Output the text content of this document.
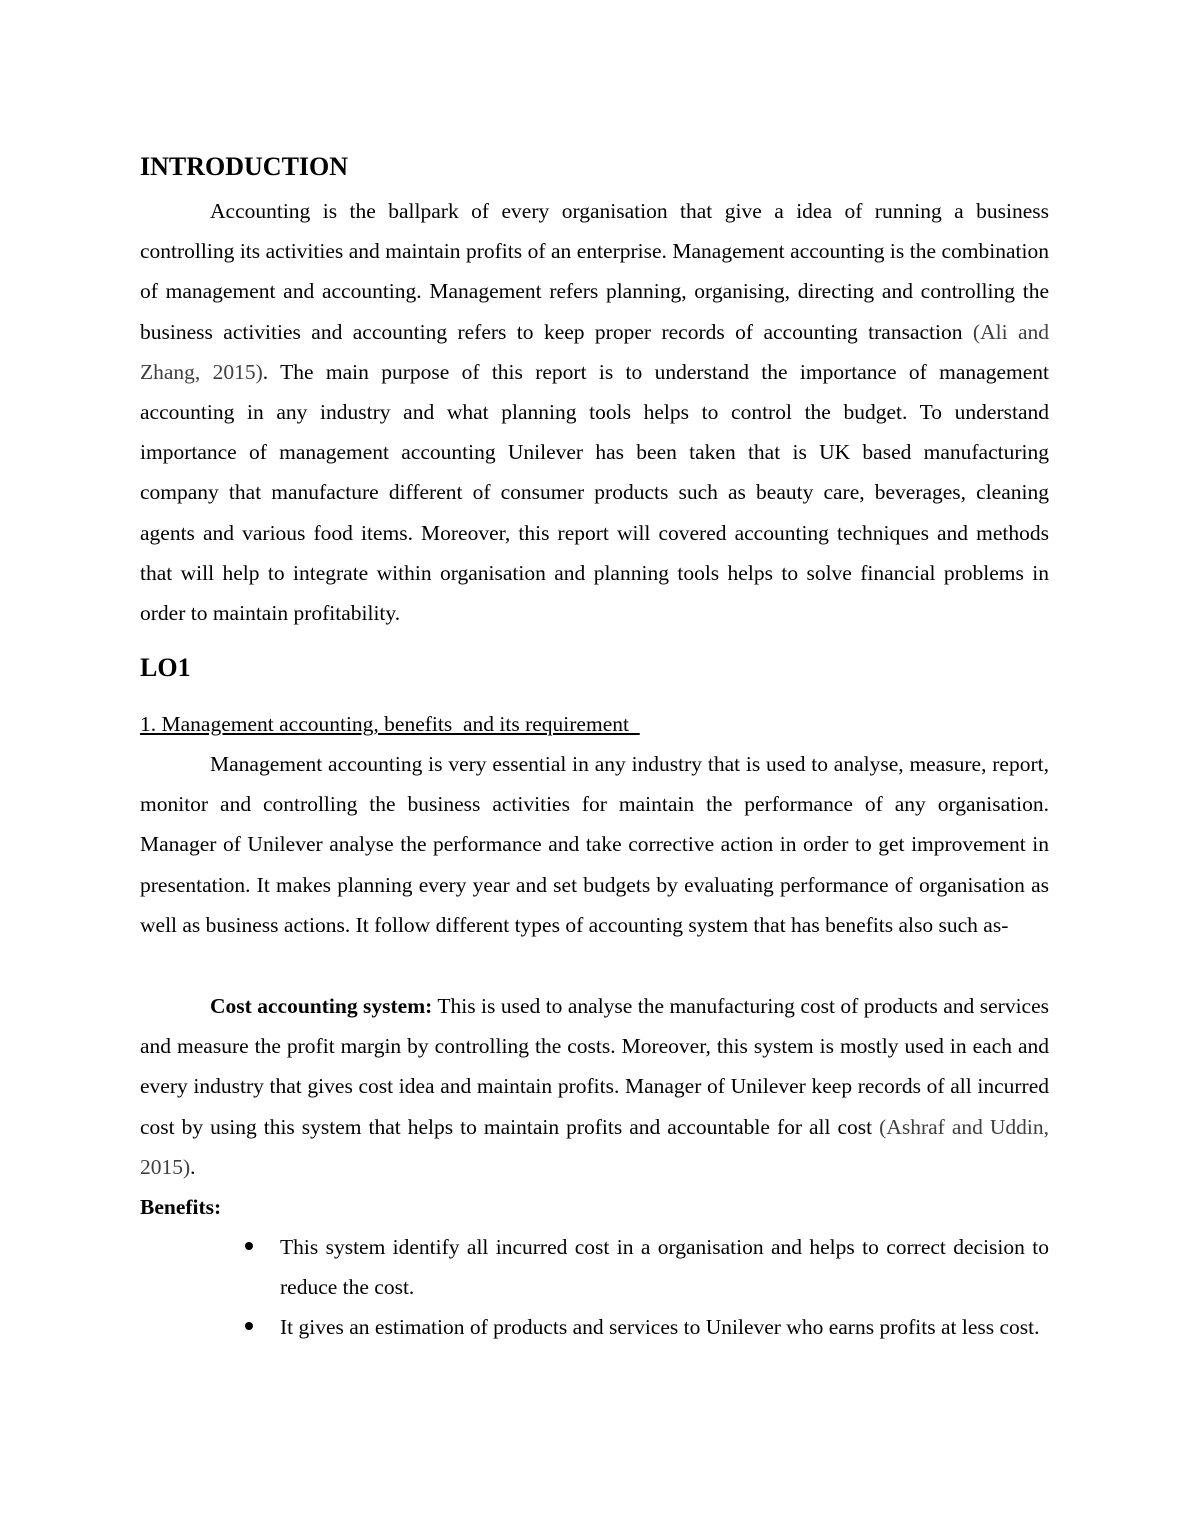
INTRODUCTION

Accounting is the ballpark of every organisation that give a idea of running a business controlling its activities and maintain profits of an enterprise. Management accounting is the combination of management and accounting. Management refers planning, organising, directing and controlling the business activities and accounting refers to keep proper records of accounting transaction (Ali and Zhang, 2015). The main purpose of this report is to understand the importance of management accounting in any industry and what planning tools helps to control the budget. To understand importance of management accounting Unilever has been taken that is UK based manufacturing company that manufacture different of consumer products such as beauty care, beverages, cleaning agents and various food items. Moreover, this report will covered accounting techniques and methods that will help to integrate within organisation and planning tools helps to solve financial problems in order to maintain profitability.

LO1

1. Management accounting, benefits  and its requirement

Management accounting is very essential in any industry that is used to analyse, measure, report, monitor and controlling the business activities for maintain the performance of any organisation. Manager of Unilever analyse the performance and take corrective action in order to get improvement in presentation. It makes planning every year and set budgets by evaluating performance of organisation as well as business actions. It follow different types of accounting system that has benefits also such as-

Cost accounting system: This is used to analyse the manufacturing cost of products and services and measure the profit margin by controlling the costs. Moreover, this system is mostly used in each and every industry that gives cost idea and maintain profits. Manager of Unilever keep records of all incurred cost by using this system that helps to maintain profits and accountable for all cost (Ashraf and Uddin, 2015).

Benefits:

This system identify all incurred cost in a organisation and helps to correct decision to reduce the cost.
It gives an estimation of products and services to Unilever who earns profits at less cost.
